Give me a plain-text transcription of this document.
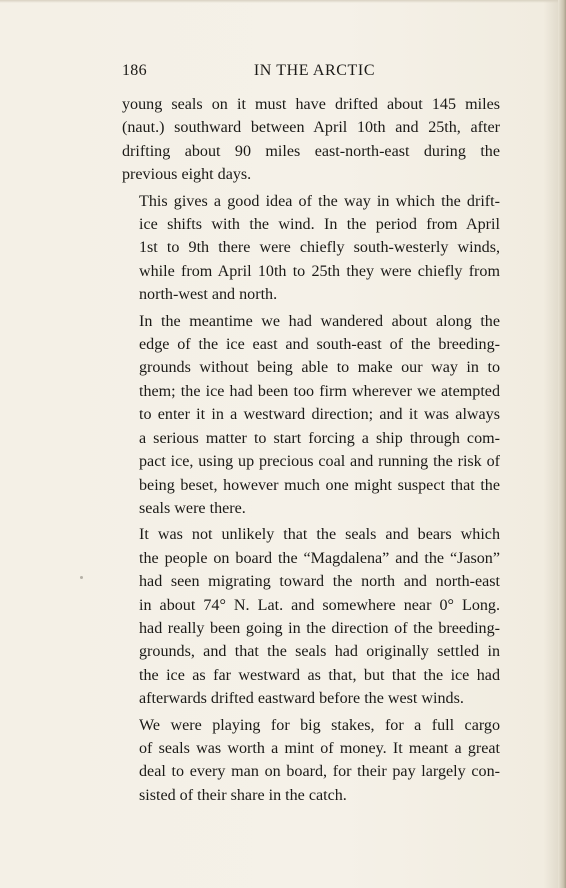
186	IN THE ARCTIC

young seals on it must have drifted about 145 miles
(naut.) southward between April 10th and 25th, after
drifting about 90 miles east-north-east during the
previous eight days.

This gives a good idea of the way in which the drift-
ice shifts with the wind. In the period from April
1st to 9th there were chiefly south-westerly winds,
while from April 10th to 25th they were chiefly from
north-west and north.

In the meantime we had wandered about along the
edge of the ice east and south-east of the breeding-
grounds without being able to make our way in to
them; the ice had been too firm wherever we atempted
to enter it in a westward direction; and it was always
a serious matter to start forcing a ship through com-
pact ice, using up precious coal and running the risk of
being beset, however much one might suspect that the
seals were there.

It was not unlikely that the seals and bears which
the people on board the “Magdalena” and the “Jason”
had seen migrating toward the north and north-east
in about 74° N. Lat. and somewhere near 0° Long.
had really been going in the direction of the breeding-
grounds, and that the seals had originally settled in
the ice as far westward as that, but that the ice had
afterwards drifted eastward before the west winds.

We were playing for big stakes, for a full cargo
of seals was worth a mint of money. It meant a great
deal to every man on board, for their pay largely con-
sisted of their share in the catch.
